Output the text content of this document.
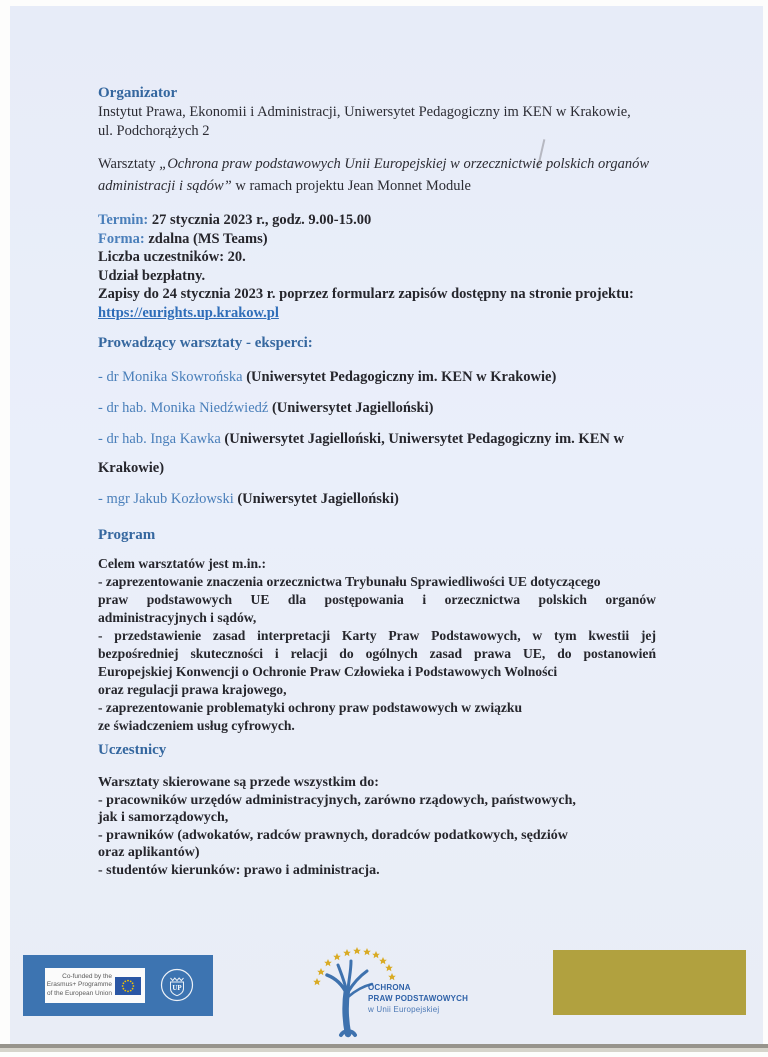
Organizator
Instytut Prawa, Ekonomii i Administracji, Uniwersytet Pedagogiczny im KEN w Krakowie,
ul. Podchorążych 2

Warsztaty „Ochrona praw podstawowych Unii Europejskiej w orzecznictwie polskich organów administracji i sądów” w ramach projektu Jean Monnet Module

Termin: 27 stycznia 2023 r., godz. 9.00-15.00
Forma: zdalna (MS Teams)
Liczba uczestników: 20.
Udział bezpłatny.
Zapisy do 24 stycznia 2023 r. poprzez formularz zapisów dostępny na stronie projektu:
https://eurights.up.krakow.pl
Prowadzący warsztaty - eksperci:
- dr Monika Skowrońska (Uniwersytet Pedagogiczny im. KEN w Krakowie)
- dr hab. Monika Niedźwiedź (Uniwersytet Jagielloński)
- dr hab. Inga Kawka (Uniwersytet Jagielloński, Uniwersytet Pedagogiczny im. KEN w Krakowie)
- mgr Jakub Kozłowski (Uniwersytet Jagielloński)
Program
Celem warsztatów jest m.in.:
- zaprezentowanie znaczenia orzecznictwa Trybunału Sprawiedliwości UE dotyczącego
praw podstawowych UE dla postępowania i orzecznictwa polskich organów
administracyjnych i sądów,
- przedstawienie zasad interpretacji Karty Praw Podstawowych, w tym kwestii jej
bezpośredniej skuteczności i relacji do ogólnych zasad prawa UE, do postanowień
Europejskiej Konwencji o Ochronie Praw Człowieka i Podstawowych Wolności
oraz regulacji prawa krajowego,
- zaprezentowanie problematyki ochrony praw podstawowych w związku
ze świadczeniem usług cyfrowych.
Uczestnicy
Warsztaty skierowane są przede wszystkim do:
- pracowników urzędów administracyjnych, zarówno rządowych, państwowych,
jak i samorządowych,
- prawników (adwokatów, radców prawnych, doradców podatkowych, sędziów
oraz aplikantów)
- studentów kierunków: prawo i administracja.
Co-funded by the
Erasmus+ Programme
of the European Union
UP	OCHRONA
PRAW PODSTAWOWYCH
w Unii Europejskiej
